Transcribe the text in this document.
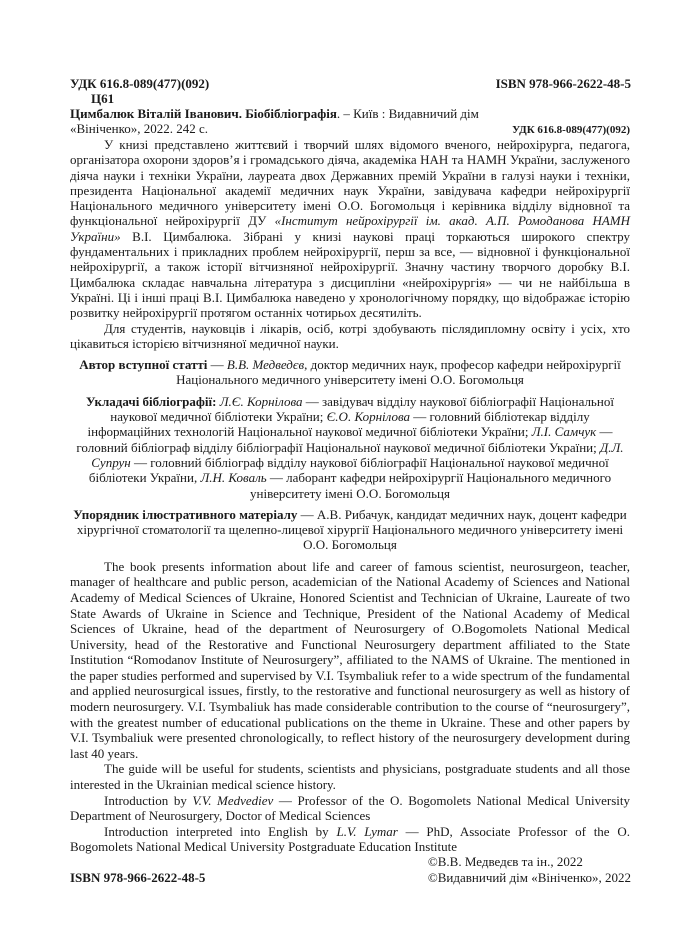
УДК 616.8-089(477)(092)	ISBN 978-966-2622-48-5
Ц61
Цимбалюк Віталій Іванович. Біобібліографія. – Київ : Видавничий дім
«Вініченко», 2022. 242 с.	УДК 616.8-089(477)(092)

У книзі представлено життєвий і творчий шлях відомого вченого, нейрохірурга, педагога, організатора охорони здоров’я і громадського діяча, академіка НАН та НАМН України, заслуженого діяча науки і техніки України, лауреата двох Державних премій України в галузі науки і техніки, президента Національної академії медичних наук України, завідувача кафедри нейрохірургії Національного медичного університету імені О.О. Богомольця і керівника відділу відновної та функціональної нейрохірургії ДУ «Інститут нейрохірургії ім. акад. А.П. Ромоданова НАМН України» В.І. Цимбалюка. Зібрані у книзі наукові праці торкаються широкого спектру фундаментальних і прикладних проблем нейрохірургії, перш за все, — відновної і функціональної нейрохірургії, а також історії вітчизняної нейрохірургії. Значну частину творчого доробку В.І. Цимбалюка складає навчальна література з дисципліни «нейрохірургія» — чи не найбільша в Україні. Ці і інші праці В.І. Цимбалюка наведено у хронологічному порядку, що відображає історію розвитку нейрохірургії протягом останніх чотирьох десятиліть.

Для студентів, науковців і лікарів, осіб, котрі здобувають післядипломну освіту і усіх, хто цікавиться історією вітчизняної медичної науки.

Автор вступної статті — В.В. Медведєв, доктор медичних наук, професор кафедри нейрохірургії Національного медичного університету імені О.О. Богомольця
Укладачі бібліографії: Л.Є. Корнілова — завідувач відділу наукової бібліографії Національної наукової медичної бібліотеки України; Є.О. Корнілова — головний бібліотекар відділу інформаційних технологій Національної наукової медичної бібліотеки України; Л.І. Самчук — головний бібліограф відділу бібліографії Національної наукової медичної бібліотеки України; Д.Л. Супрун — головний бібліограф відділу наукової бібліографії Національної наукової медичної бібліотеки України, Л.Н. Коваль — лаборант кафедри нейрохірургії Національного медичного університету імені О.О. Богомольця
Упорядник ілюстративного матеріалу — А.В. Рибачук, кандидат медичних наук, доцент кафедри хірургічної стоматології та щелепно-лицевої хірургії Національного медичного університету імені О.О. Богомольця

The book presents information about life and career of famous scientist, neurosurgeon, teacher, manager of healthcare and public person, academician of the National Academy of Sciences and National Academy of Medical Sciences of Ukraine, Honored Scientist and Technician of Ukraine, Laureate of two State Awards of Ukraine in Science and Technique, President of the National Academy of Medical Sciences of Ukraine, head of the department of Neurosurgery of O.Bogomolets National Medical University, head of the Restorative and Functional Neurosurgery department affiliated to the State Institution “Romodanov Institute of Neurosurgery”, affiliated to the NAMS of Ukraine. The mentioned in the paper studies performed and supervised by V.I. Tsymbaliuk refer to a wide spectrum of the fundamental and applied neurosurgical issues, firstly, to the restorative and functional neurosurgery as well as history of modern neurosurgery. V.I. Tsymbaliuk has made considerable contribution to the course of “neurosurgery”, with the greatest number of educational publications on the theme in Ukraine. These and other papers by V.I. Tsymbaliuk were presented chronologically, to reflect history of the neurosurgery development during last 40 years.

The guide will be useful for students, scientists and physicians, postgraduate students and all those interested in the Ukrainian medical science history.

Introduction by V.V. Medvediev — Professor of the O. Bogomolets National Medical University Department of Neurosurgery, Doctor of Medical Sciences

Introduction interpreted into English by L.V. Lymar — PhD, Associate Professor of the O. Bogomolets National Medical University Postgraduate Education Institute

©В.В. Медведєв та ін., 2022
©Видавничий дім «Вініченко», 2022
ISBN 978-966-2622-48-5
